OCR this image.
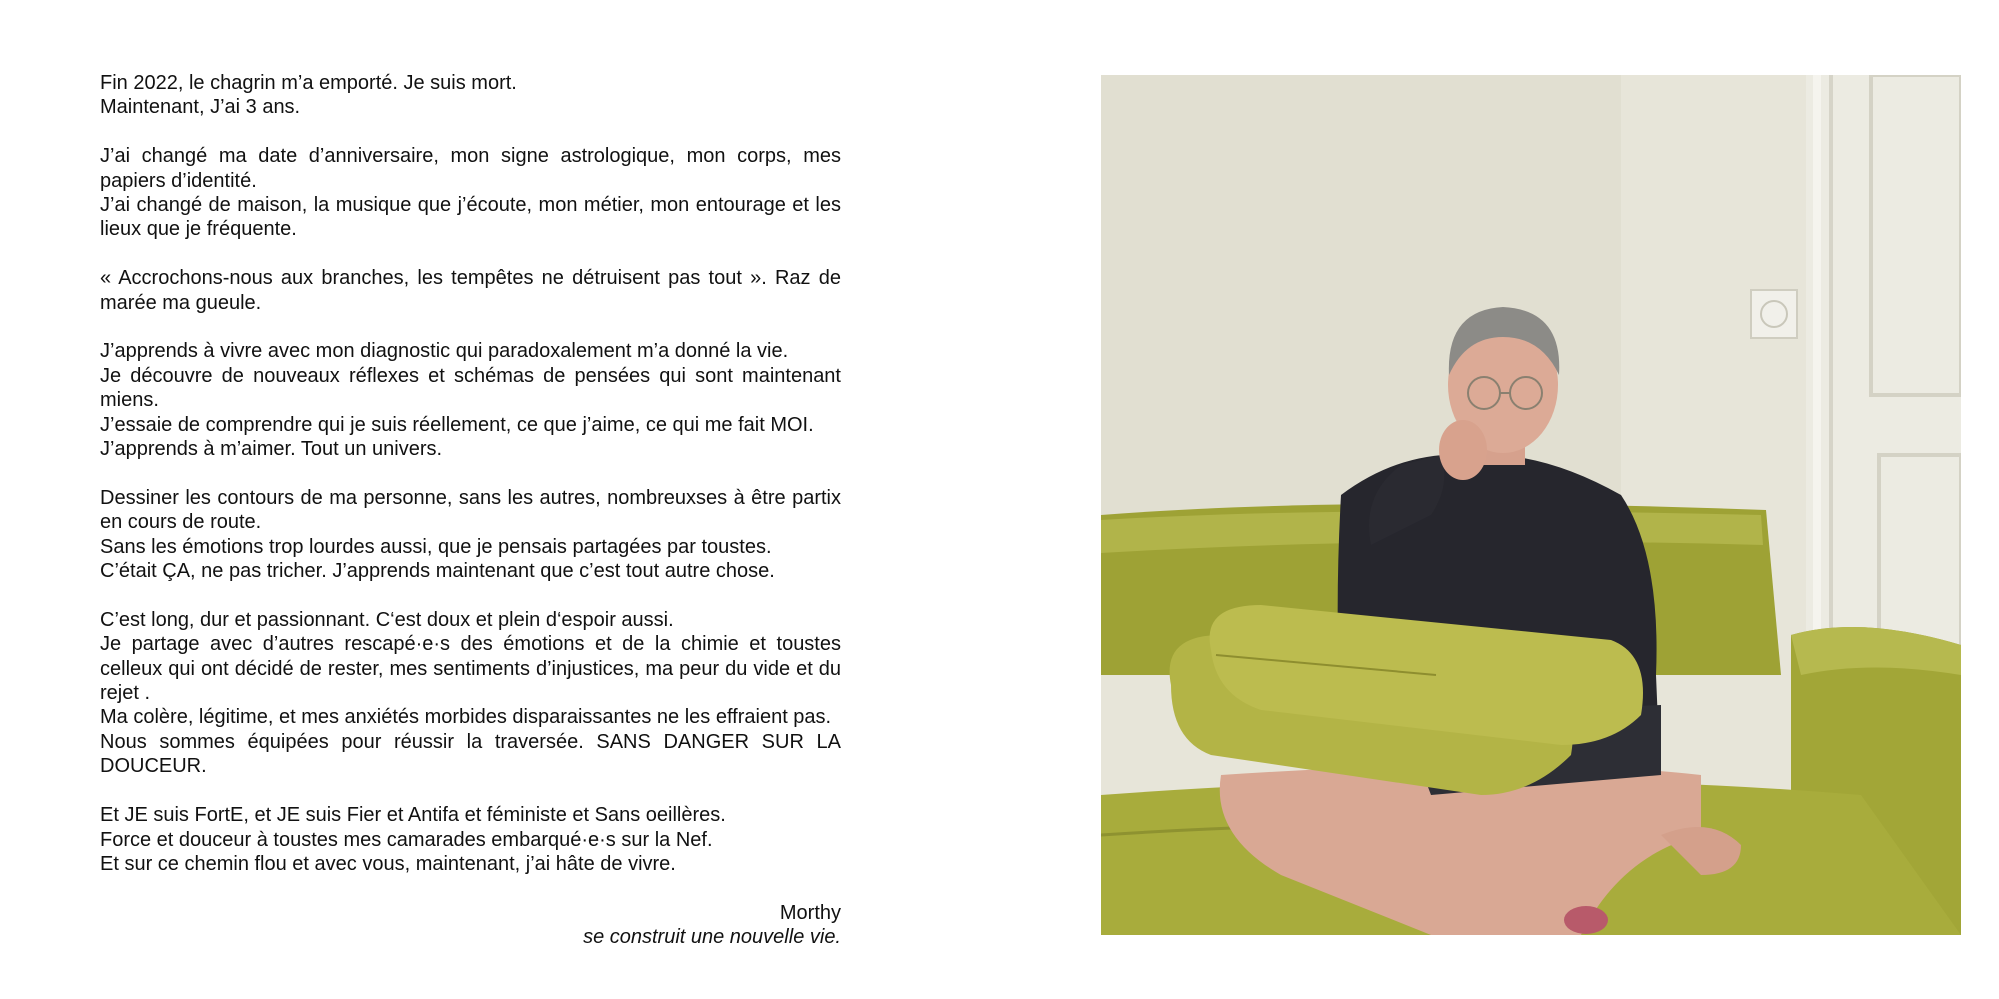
Fin 2022, le chagrin m’a emporté. Je suis mort.
Maintenant, J’ai 3 ans.
J’ai changé ma date d’anniversaire, mon signe astrologique, mon corps, mes papiers d’identité.
J’ai changé de maison, la musique que j’écoute, mon métier, mon entourage et les lieux que je fréquente.
« Accrochons-nous aux branches, les tempêtes ne détruisent pas tout ». Raz de marée ma gueule.
J’apprends à vivre avec mon diagnostic qui paradoxalement m’a donné la vie.
Je découvre de nouveaux réflexes et schémas de pensées qui sont maintenant miens.
J’essaie de comprendre qui je suis réellement, ce que j’aime, ce qui me fait MOI.
J’apprends à m’aimer. Tout un univers.
Dessiner les contours de ma personne, sans les autres, nombreuxses à être partix en cours de route.
Sans les émotions trop lourdes aussi, que je pensais partagées par toustes.
C’était ÇA, ne pas tricher. J’apprends maintenant que c’est tout autre chose.
C’est long, dur et passionnant. C‘est doux et plein d‘espoir aussi.
Je partage avec d’autres rescapé·e·s des émotions et de la chimie et toustes celleux qui ont décidé de rester, mes sentiments d’injustices, ma peur du vide et du rejet .
Ma colère, légitime, et mes anxiétés morbides disparaissantes ne les effraient pas.
Nous sommes équipées pour réussir la traversée. SANS DANGER SUR LA DOUCEUR.
Et JE suis FortE, et JE suis Fier et Antifa et féministe et Sans oeillères.
Force et douceur à toustes mes camarades embarqué·e·s sur la Nef.
Et sur ce chemin flou et avec vous, maintenant, j’ai hâte de vivre.
Morthy
se construit une nouvelle vie.
